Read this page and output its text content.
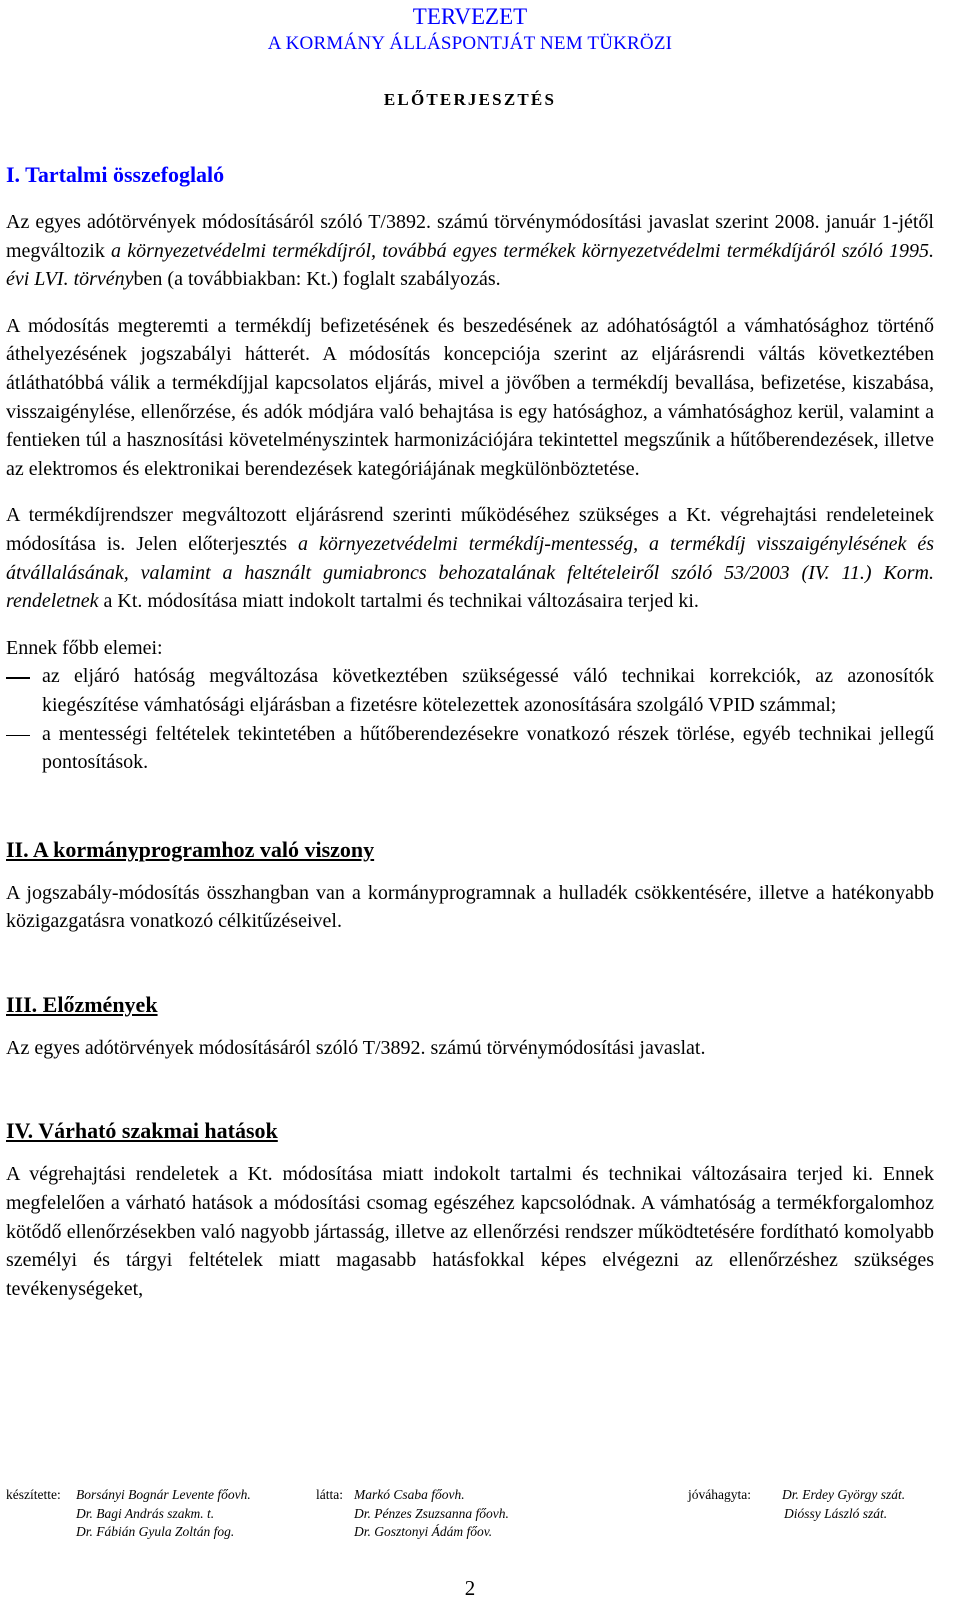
TERVEZET
A KORMÁNY ÁLLÁSPONTJÁT NEM TÜKRÖZI
ELŐTERJESZTÉS
I. Tartalmi összefoglaló

Az egyes adótörvények módosításáról szóló T/3892. számú törvénymódosítási javaslat szerint 2008. január 1-jétől megváltozik a környezetvédelmi termékdíjról, továbbá egyes termékek környezetvédelmi termékdíjáról szóló 1995. évi LVI. törvényben (a továbbiakban: Kt.) foglalt szabályozás.

A módosítás megteremti a termékdíj befizetésének és beszedésének az adóhatóságtól a vámhatósághoz történő áthelyezésének jogszabályi hátterét. A módosítás koncepciója szerint az eljárásrendi váltás következtében átláthatóbbá válik a termékdíjjal kapcsolatos eljárás, mivel a jövőben a termékdíj bevallása, befizetése, kiszabása, visszaigénylése, ellenőrzése, és adók módjára való behajtása is egy hatósághoz, a vámhatósághoz kerül, valamint a fentieken túl a hasznosítási követelményszintek harmonizációjára tekintettel megszűnik a hűtőberendezések, illetve az elektromos és elektronikai berendezések kategóriájának megkülönböztetése.

A termékdíjrendszer megváltozott eljárásrend szerinti működéséhez szükséges a Kt. végrehajtási rendeleteinek módosítása is. Jelen előterjesztés a környezetvédelmi termékdíj-mentesség, a termékdíj visszaigénylésének és átvállalásának, valamint a használt gumiabroncs behozatalának feltételeiről szóló 53/2003 (IV. 11.) Korm. rendeletnek a Kt. módosítása miatt indokolt tartalmi és technikai változásaira terjed ki.

Ennek főbb elemei:

az eljáró hatóság megváltozása következtében szükségessé váló technikai korrekciók, az azonosítók kiegészítése vámhatósági eljárásban a fizetésre kötelezettek azonosítására szolgáló VPID számmal;
a mentességi feltételek tekintetében a hűtőberendezésekre vonatkozó részek törlése, egyéb technikai jellegű pontosítások.
II. A kormányprogramhoz való viszony

A jogszabály-módosítás összhangban van a kormányprogramnak a hulladék csökkentésére, illetve a hatékonyabb közigazgatásra vonatkozó célkitűzéseivel.

III. Előzmények

Az egyes adótörvények módosításáról szóló T/3892. számú törvénymódosítási javaslat.

IV. Várható szakmai hatások

A végrehajtási rendeletek a Kt. módosítása miatt indokolt tartalmi és technikai változásaira terjed ki. Ennek megfelelően a várható hatások a módosítási csomag egészéhez kapcsolódnak. A vámhatóság a termékforgalomhoz kötődő ellenőrzésekben való nagyobb jártasság, illetve az ellenőrzési rendszer működtetésére fordítható komolyabb személyi és tárgyi feltételek miatt magasabb hatásfokkal képes elvégezni az ellenőrzéshez szükséges tevékenységeket,

készítette: Borsányi Bognár Levente főovh.
Dr. Bagi András szakm. t.
Dr. Fábián Gyula Zoltán fog.
látta: Markó Csaba főovh.
Dr. Pénzes Zsuzsanna főovh.
Dr. Gosztonyi Ádám főov.
jóváhagyta: Dr. Erdey György szát.
Dióssy László szát.
2
